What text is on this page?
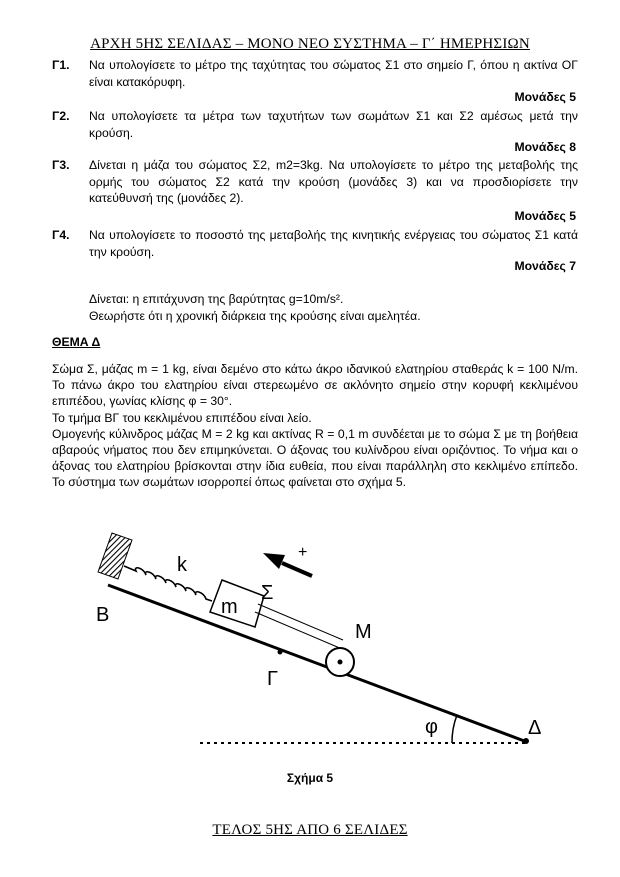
ΑΡΧΗ 5ΗΣ ΣΕΛΙΔΑΣ – ΜΟΝΟ ΝΕΟ ΣΥΣΤΗΜΑ – Γ΄ ΗΜΕΡΗΣΙΩΝ
Γ1. Να υπολογίσετε το μέτρο της ταχύτητας του σώματος Σ1 στο σημείο Γ, όπου η ακτίνα ΟΓ είναι κατακόρυφη.
Μονάδες 5
Γ2. Να υπολογίσετε τα μέτρα των ταχυτήτων των σωμάτων Σ1 και Σ2 αμέσως μετά την κρούση.
Μονάδες 8
Γ3. Δίνεται η μάζα του σώματος Σ2, m2=3kg. Να υπολογίσετε το μέτρο της μεταβολής της ορμής του σώματος Σ2 κατά την κρούση (μονάδες 3) και να προσδιορίσετε την κατεύθυνσή της (μονάδες 2).
Μονάδες 5
Γ4. Να υπολογίσετε το ποσοστό της μεταβολής της κινητικής ενέργειας του σώματος Σ1 κατά την κρούση.
Μονάδες 7
Δίνεται: η επιτάχυνση της βαρύτητας g=10m/s².
Θεωρήστε ότι η χρονική διάρκεια της κρούσης είναι αμελητέα.
ΘΕΜΑ Δ
Σώμα Σ, μάζας m = 1 kg, είναι δεμένο στο κάτω άκρο ιδανικού ελατηρίου σταθεράς k = 100 N/m. Το πάνω άκρο του ελατηρίου είναι στερεωμένο σε ακλόνητο σημείο στην κορυφή κεκλιμένου επιπέδου, γωνίας κλίσης φ = 30°.
Το τμήμα ΒΓ του κεκλιμένου επιπέδου είναι λείο.
Ομογενής κύλινδρος μάζας Μ = 2 kg και ακτίνας R = 0,1 m συνδέεται με το σώμα Σ με τη βοήθεια αβαρούς νήματος που δεν επιμηκύνεται. Ο άξονας του κυλίνδρου είναι οριζόντιος. Το νήμα και ο άξονας του ελατηρίου βρίσκονται στην ίδια ευθεία, που είναι παράλληλη στο κεκλιμένο επίπεδο. Το σύστημα των σωμάτων ισορροπεί όπως φαίνεται στο σχήμα 5.
k
+
Β	m
Σ
Μ
Γ
φ	Δ
Σχήμα 5
ΤΕΛΟΣ 5ΗΣ ΑΠΟ 6 ΣΕΛΙΔΕΣ
